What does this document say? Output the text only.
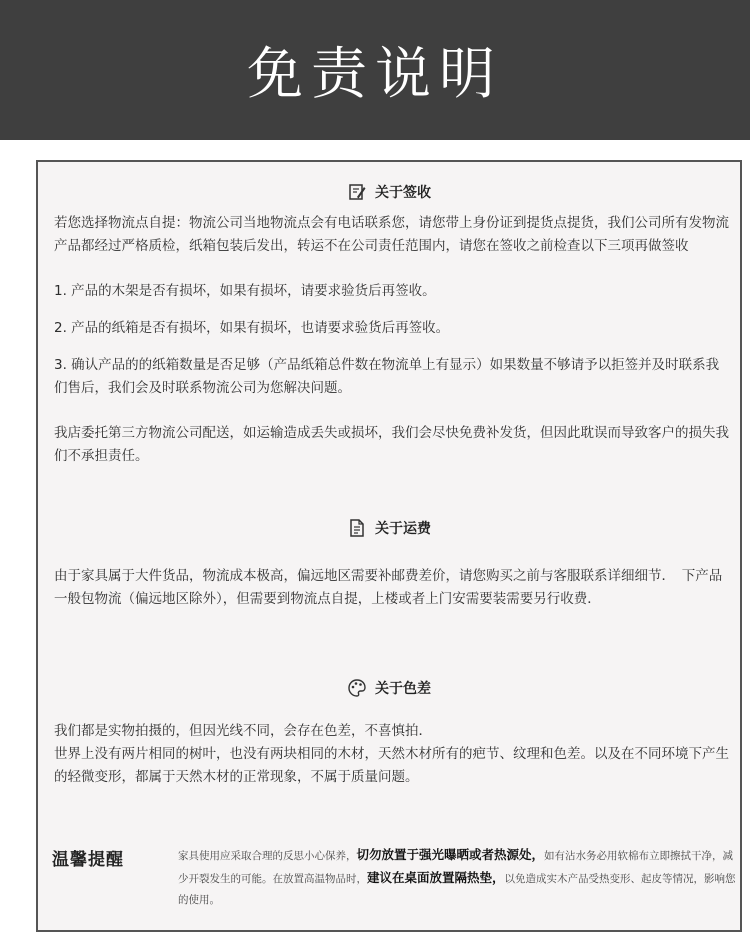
免责说明
关于签收

若您选择物流点自提：物流公司当地物流点会有电话联系您，请您带上身份证到提货点提货，我们公司所有发物流产品都经过严格质检，纸箱包装后发出，转运不在公司责任范围内，请您在签收之前检查以下三项再做签收

1. 产品的木架是否有损坏，如果有损坏，请要求验货后再签收。

2. 产品的纸箱是否有损坏，如果有损坏，也请要求验货后再签收。

3. 确认产品的的纸箱数量是否足够（产品纸箱总件数在物流单上有显示）如果数量不够请予以拒签并及时联系我们售后，我们会及时联系物流公司为您解决问题。

我店委托第三方物流公司配送，如运输造成丢失或损坏，我们会尽快免费补发货，但因此耽误而导致客户的损失我们不承担责任。

关于运费

由于家具属于大件货品，物流成本极高，偏远地区需要补邮费差价，请您购买之前与客服联系详细细节．　下产品一般包物流（偏远地区除外），但需要到物流点自提，上楼或者上门安需要装需要另行收费．

关于色差

我们都是实物拍摄的，但因光线不同，会存在色差，不喜慎拍．

世界上没有两片相同的树叶，也没有两块相同的木材，天然木材所有的疤节、纹理和色差。以及在不同环境下产生的轻微变形，都属于天然木材的正常现象，不属于质量问题。

温馨提醒	家具使用应采取合理的反思小心保养，切勿放置于强光曝晒或者热源处，如有沾水务必用软棉布立即擦拭干净，减少开裂发生的可能。在放置高温物品时，建议在桌面放置隔热垫，以免造成实木产品受热变形、起皮等情况，影响您的使用。
